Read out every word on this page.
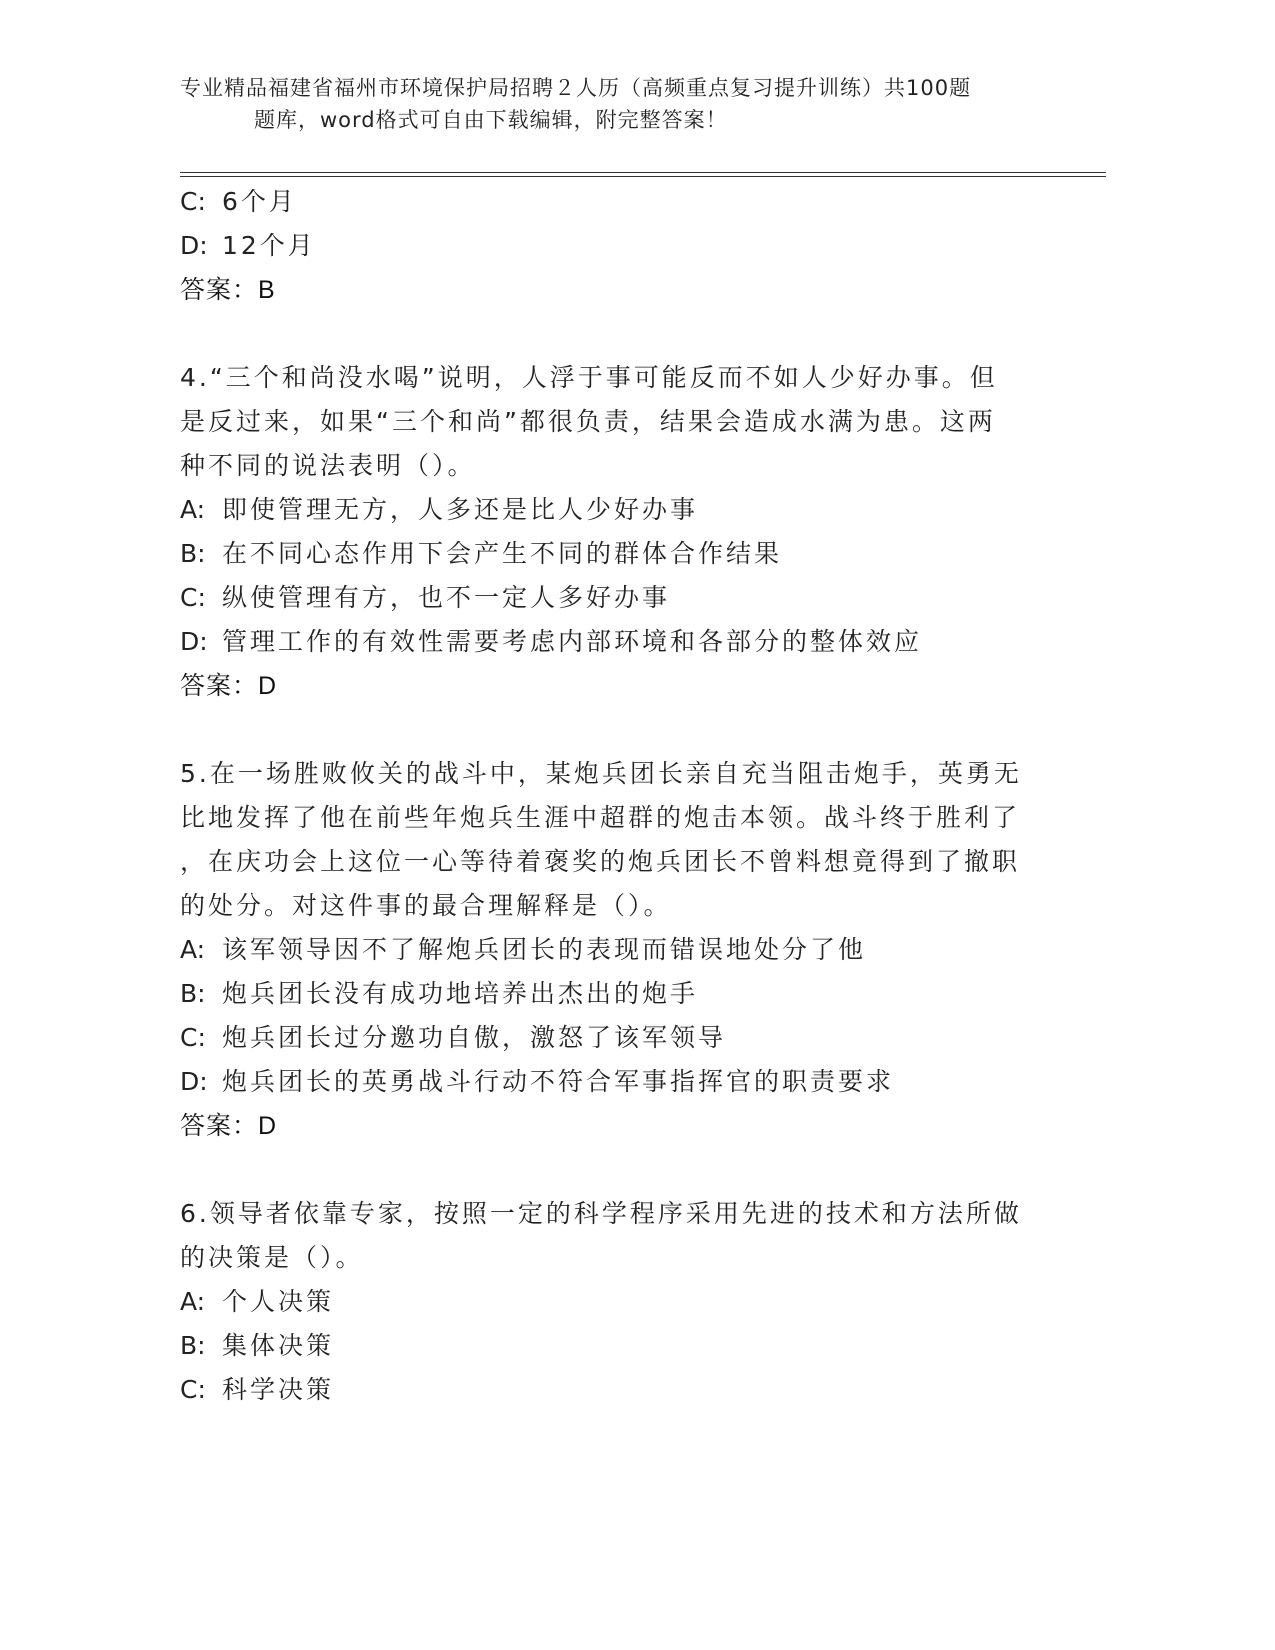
专业精品福建省福州市环境保护局招聘２人历（高频重点复习提升训练）共100题
题库，word格式可自由下载编辑，附完整答案！
C: 6个月
D: 12个月
答案：B
4.“三个和尚没水喝”说明，人浮于事可能反而不如人少好办事。但
是反过来，如果“三个和尚”都很负责，结果会造成水满为患。这两
种不同的说法表明（）。
A: 即使管理无方，人多还是比人少好办事
B: 在不同心态作用下会产生不同的群体合作结果
C: 纵使管理有方，也不一定人多好办事
D: 管理工作的有效性需要考虑内部环境和各部分的整体效应
答案：D
5.在一场胜败攸关的战斗中，某炮兵团长亲自充当阻击炮手，英勇无
比地发挥了他在前些年炮兵生涯中超群的炮击本领。战斗终于胜利了
，在庆功会上这位一心等待着褒奖的炮兵团长不曾料想竟得到了撤职
的处分。对这件事的最合理解释是（）。
A: 该军领导因不了解炮兵团长的表现而错误地处分了他
B: 炮兵团长没有成功地培养出杰出的炮手
C: 炮兵团长过分邀功自傲，激怒了该军领导
D: 炮兵团长的英勇战斗行动不符合军事指挥官的职责要求
答案：D
6.领导者依靠专家，按照一定的科学程序采用先进的技术和方法所做
的决策是（）。
A: 个人决策
B: 集体决策
C: 科学决策
